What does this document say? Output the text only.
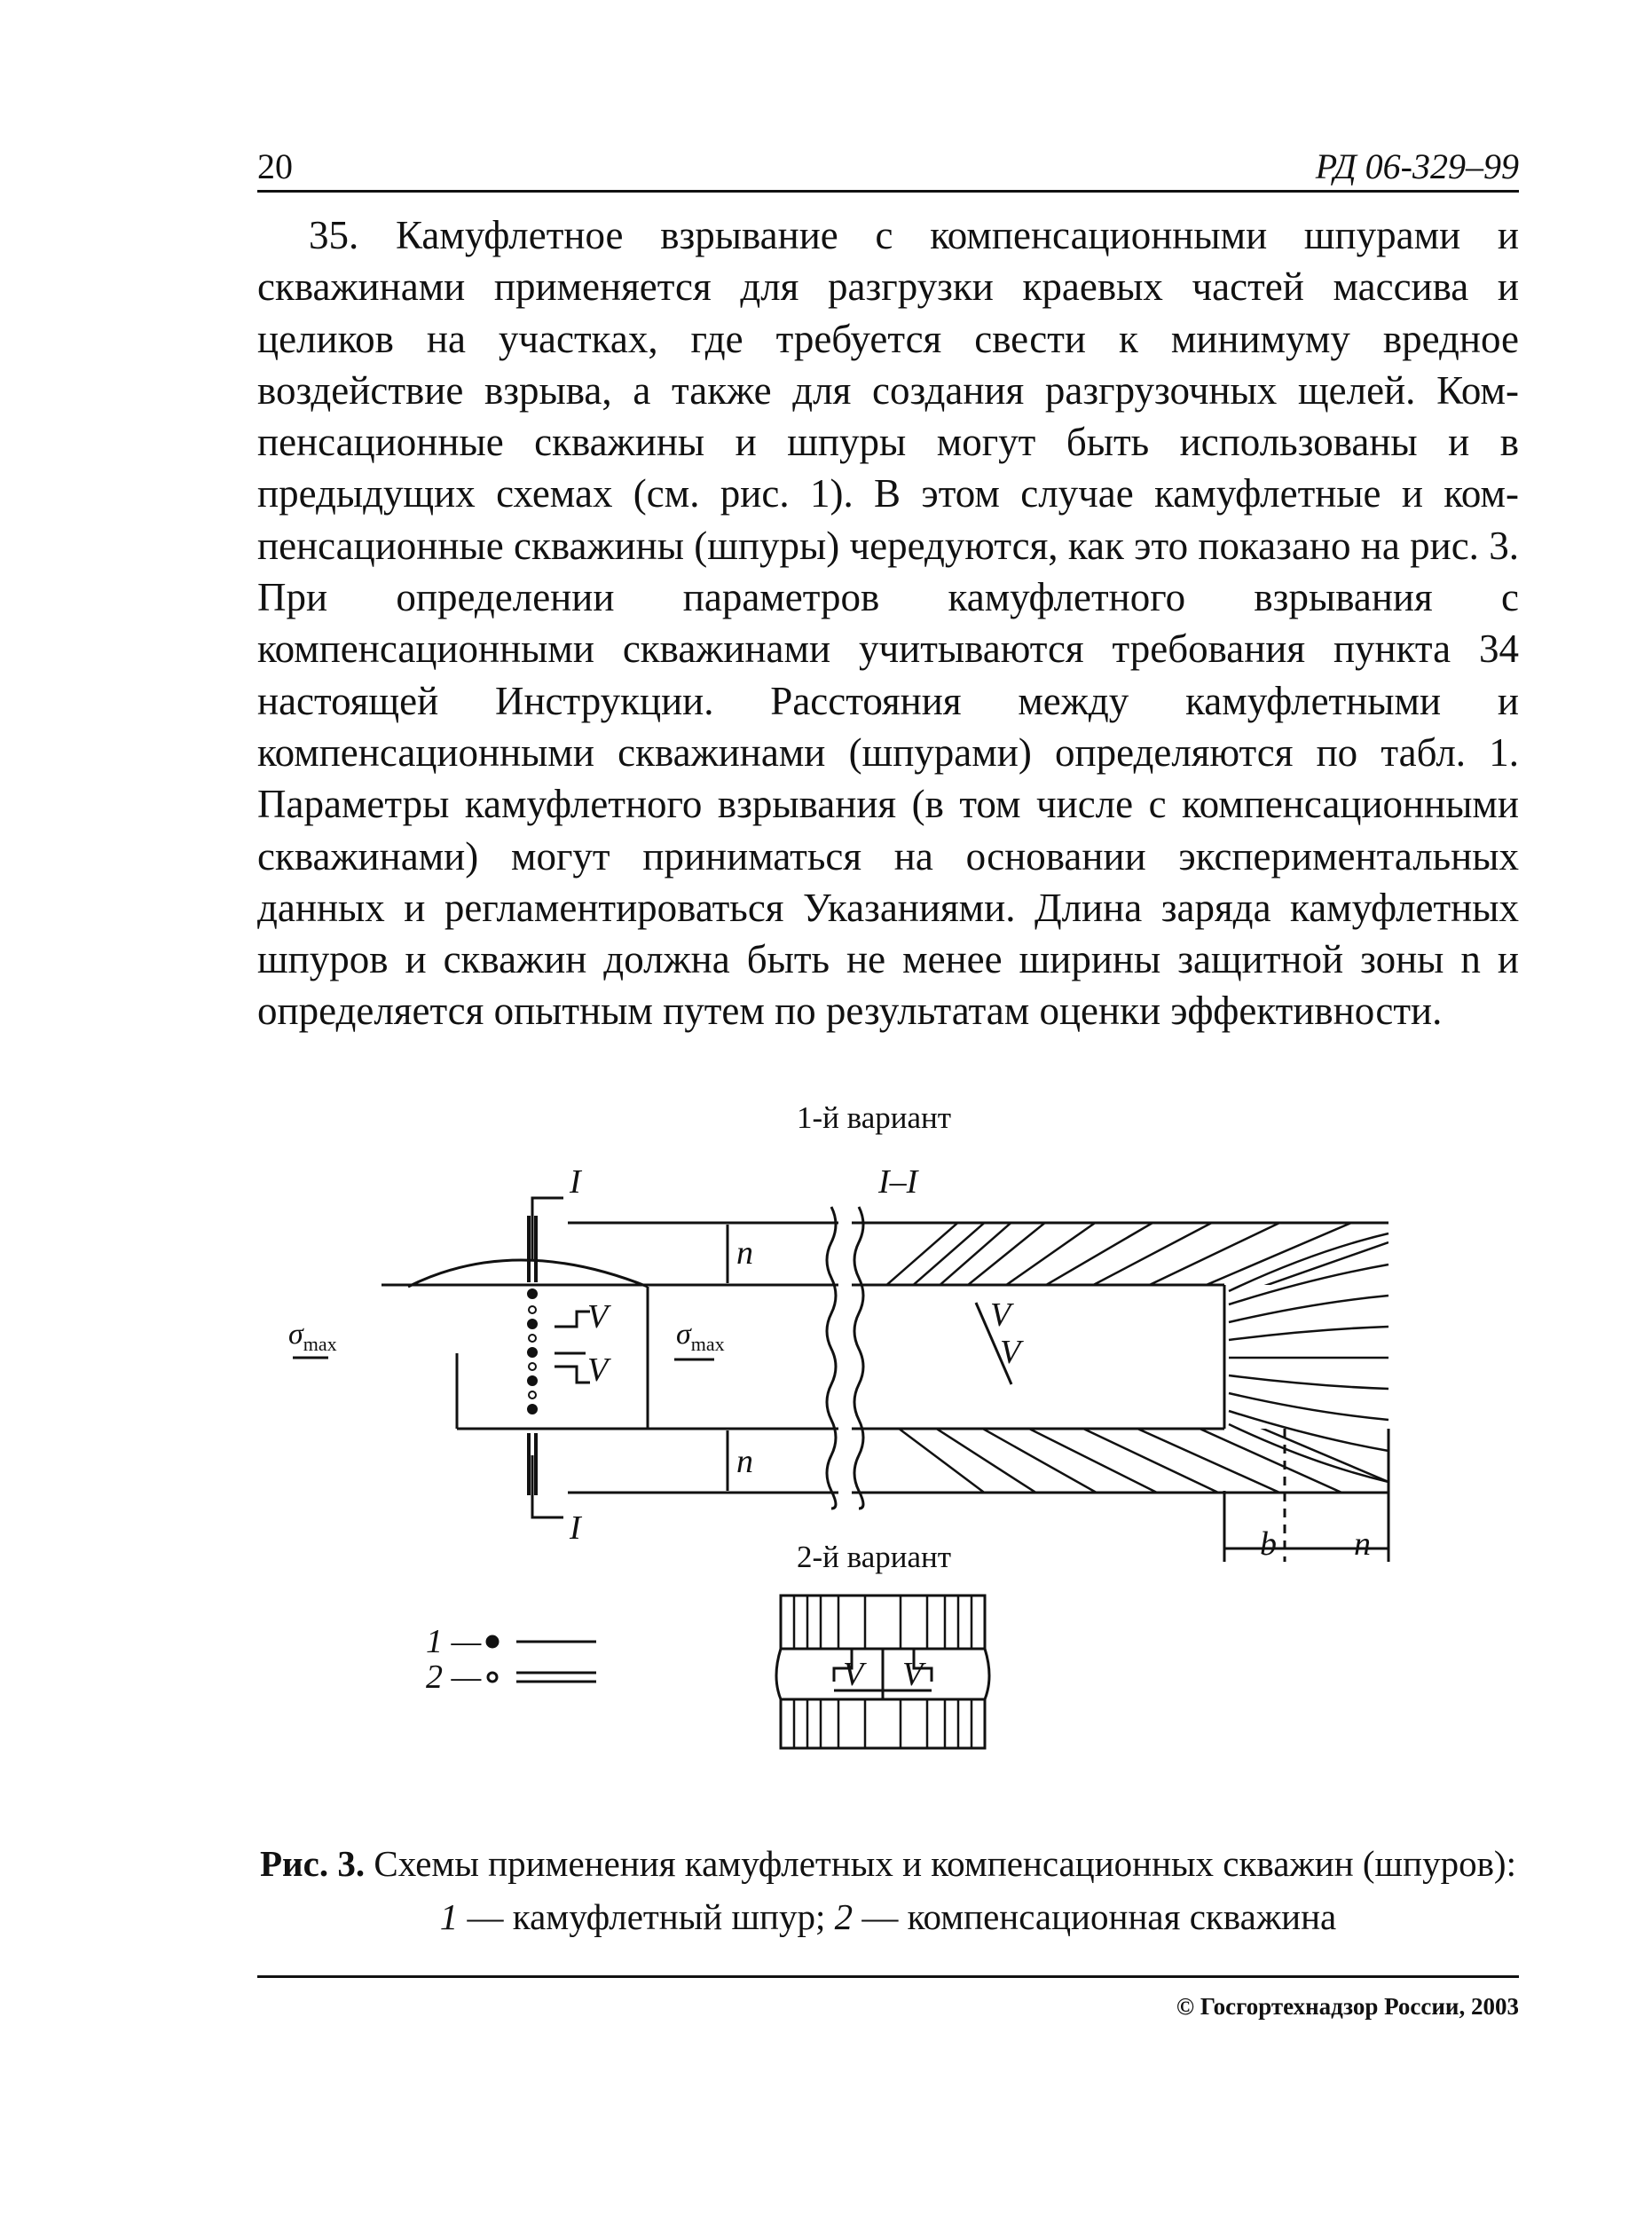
20	РД 06-329–99

35. Камуфлетное взрывание с компенсационными шпурами и скважинами применяется для разгрузки краевых частей массива и целиков на участках, где требуется свести к минимуму вредное воздействие взрыва, а также для создания разгрузочных щелей. Компенсационные скважины и шпуры могут быть использованы и в предыдущих схемах (см. рис. 1). В этом случае камуфлетные и компенсационные скважины (шпуры) чередуются, как это показано на рис. 3. При определении параметров камуфлетного взрывания с компенсационными скважинами учитываются требования пункта 34 настоящей Инструкции. Расстояния между камуфлетными и компенсационными скважинами (шпурами) определяются по табл. 1. Параметры камуфлетного взрывания (в том числе с компенсационными скважинами) могут приниматься на основании экспериментальных данных и регламентироваться Указаниями. Длина заряда камуфлетных шпуров и скважин должна быть не менее ширины защитной зоны n и определяется опытным путем по результатам оценки эффективности.

1-й вариант
2-й вариант
I
I
I–I
n
n
V
V
V
V
b n
V V
$\sigma_{max}$	$\sigma_{max}$
1 —
2 —
Рис. 3. Схемы применения камуфлетных и компенсационных скважин (шпуров): 1 — камуфлетный шпур; 2 — компенсационная скважина
© Госгортехнадзор России, 2003
